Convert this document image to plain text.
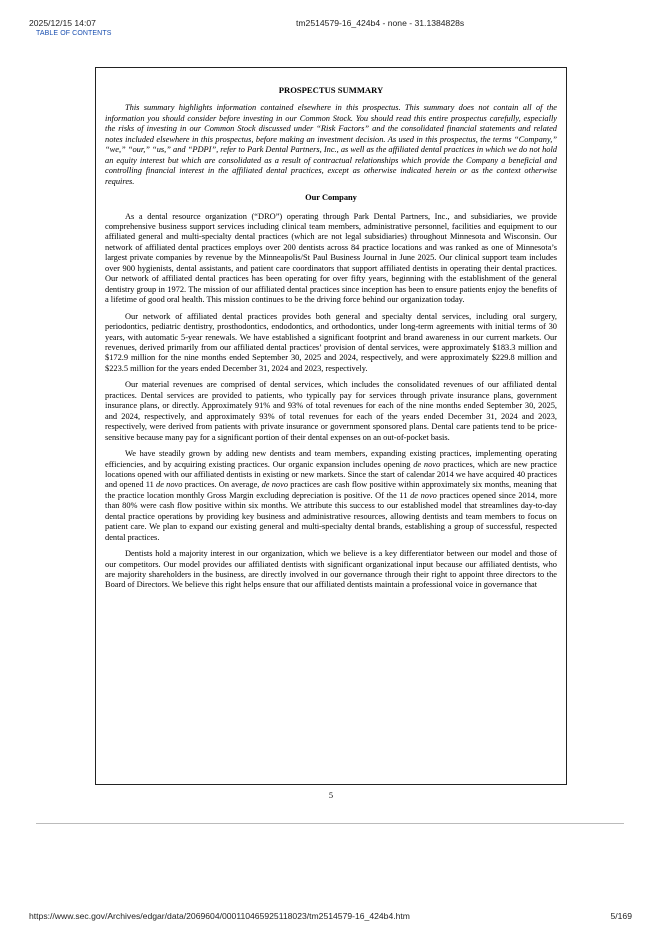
2025/12/15 14:07	tm2514579-16_424b4 - none - 31.1384828s
TABLE OF CONTENTS

PROSPECTUS SUMMARY

This summary highlights information contained elsewhere in this prospectus. This summary does not contain all of the information you should consider before investing in our Common Stock. You should read this entire prospectus carefully, especially the risks of investing in our Common Stock discussed under “Risk Factors” and the consolidated financial statements and related notes included elsewhere in this prospectus, before making an investment decision. As used in this prospectus, the terms “Company,” “we,” “our,” “us,” and “PDPI”, refer to Park Dental Partners, Inc., as well as the affiliated dental practices in which we do not hold an equity interest but which are consolidated as a result of contractual relationships which provide the Company a beneficial and controlling financial interest in the affiliated dental practices, except as otherwise indicated herein or as the context otherwise requires.

Our Company

As a dental resource organization (“DRO”) operating through Park Dental Partners, Inc., and subsidiaries, we provide comprehensive business support services including clinical team members, administrative personnel, facilities and equipment to our affiliated general and multi-specialty dental practices (which are not legal subsidiaries) throughout Minnesota and Wisconsin. Our network of affiliated dental practices employs over 200 dentists across 84 practice locations and was ranked as one of Minnesota’s largest private companies by revenue by the Minneapolis/St Paul Business Journal in June 2025. Our clinical support team includes over 900 hygienists, dental assistants, and patient care coordinators that support affiliated dentists in operating their dental practices. Our network of affiliated dental practices has been operating for over fifty years, beginning with the establishment of the general dentistry group in 1972. The mission of our affiliated dental practices since inception has been to ensure patients enjoy the benefits of a lifetime of good oral health. This mission continues to be the driving force behind our organization today.

Our network of affiliated dental practices provides both general and specialty dental services, including oral surgery, periodontics, pediatric dentistry, prosthodontics, endodontics, and orthodontics, under long-term agreements with initial terms of 30 years, with automatic 5-year renewals. We have established a significant footprint and brand awareness in our current markets. Our revenues, derived primarily from our affiliated dental practices’ provision of dental services, were approximately $183.3 million and $172.9 million for the nine months ended September 30, 2025 and 2024, respectively, and were approximately $229.8 million and $223.5 million for the years ended December 31, 2024 and 2023, respectively.

Our material revenues are comprised of dental services, which includes the consolidated revenues of our affiliated dental practices. Dental services are provided to patients, who typically pay for services through private insurance plans, government insurance plans, or directly. Approximately 91% and 93% of total revenues for each of the nine months ended September 30, 2025, and 2024, respectively, and approximately 93% of total revenues for each of the years ended December 31, 2024 and 2023, respectively, were derived from patients with private insurance or government sponsored plans. Dental care patients tend to be price-sensitive because many pay for a significant portion of their dental expenses on an out-of-pocket basis.

We have steadily grown by adding new dentists and team members, expanding existing practices, implementing operating efficiencies, and by acquiring existing practices. Our organic expansion includes opening de novo practices, which are new practice locations opened with our affiliated dentists in existing or new markets. Since the start of calendar 2014 we have acquired 40 practices and opened 11 de novo practices. On average, de novo practices are cash flow positive within approximately six months, meaning that the practice location monthly Gross Margin excluding depreciation is positive. Of the 11 de novo practices opened since 2014, more than 80% were cash flow positive within six months. We attribute this success to our established model that streamlines day-to-day dental practice operations by providing key business and administrative resources, allowing dentists and team members to focus on patient care. We plan to expand our existing general and multi-specialty dental brands, establishing a group of successful, respected dental practices.

Dentists hold a majority interest in our organization, which we believe is a key differentiator between our model and those of our competitors. Our model provides our affiliated dentists with significant organizational input because our affiliated dentists, who are majority shareholders in the business, are directly involved in our governance through their right to appoint three directors to the Board of Directors. We believe this right helps ensure that our affiliated dentists maintain a professional voice in governance that

5
https://www.sec.gov/Archives/edgar/data/2069604/000110465925118023/tm2514579-16_424b4.htm	5/169
